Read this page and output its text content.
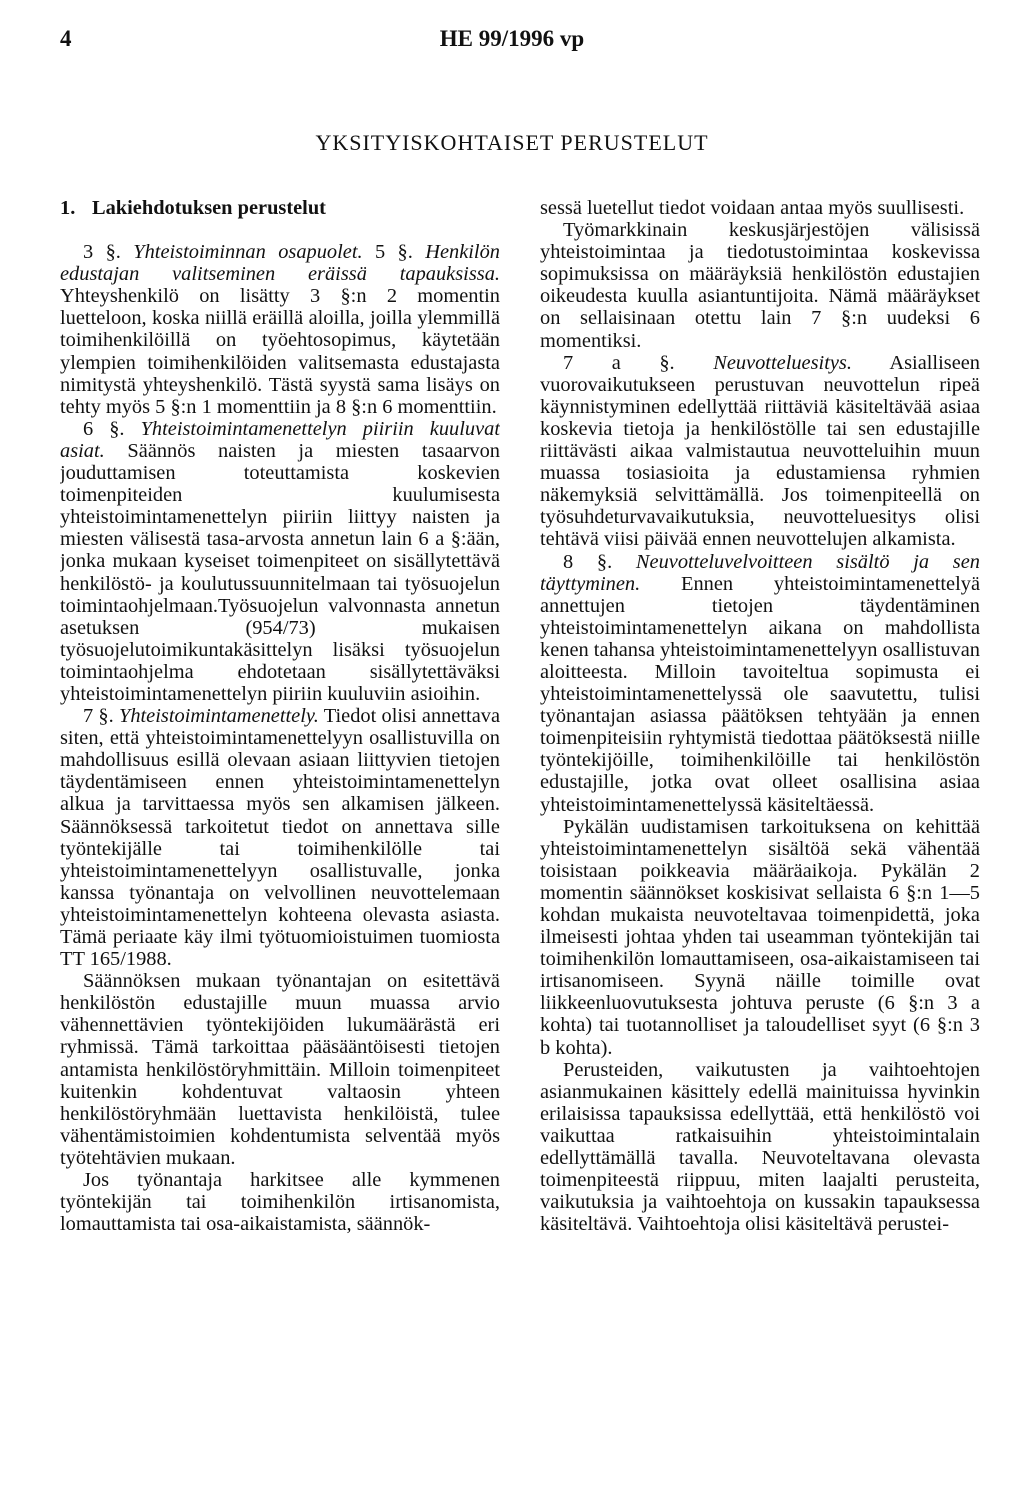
4	HE 99/1996 vp
YKSITYISKOHTAISET PERUSTELUT

1. Lakiehdotuksen perustelut

3 §. Yhteistoiminnan osapuolet. 5 §. Henkilön edustajan valitseminen eräissä tapauksissa. Yhteyshenkilö on lisätty 3 §:n 2 momentin luetteloon, koska niillä eräillä aloilla, joilla ylemmillä toimihenkilöillä on työehtosopimus, käytetään ylempien toimihenkilöiden valitsemasta edustajasta nimitystä yhteyshenkilö. Tästä syystä sama lisäys on tehty myös 5 §:n 1 momenttiin ja 8 §:n 6 momenttiin.

6 §. Yhteistoimintamenettelyn piiriin kuuluvat asiat. Säännös naisten ja miesten tasaarvon jouduttamisen toteuttamista koskevien toimenpiteiden kuulumisesta yhteistoimintamenettelyn piiriin liittyy naisten ja miesten välisestä tasa-arvosta annetun lain 6 a §:ään, jonka mukaan kyseiset toimenpiteet on sisällytettävä henkilöstö- ja koulutussuunnitelmaan tai työsuojelun toimintaohjelmaan.Työsuojelun valvonnasta annetun asetuksen (954/73) mukaisen työsuojelutoimikuntakäsittelyn lisäksi työsuojelun toimintaohjelma ehdotetaan sisällytettäväksi yhteistoimintamenettelyn piiriin kuuluviin asioihin.

7 §. Yhteistoimintamenettely. Tiedot olisi annettava siten, että yhteistoimintamenettelyyn osallistuvilla on mahdollisuus esillä olevaan asiaan liittyvien tietojen täydentämiseen ennen yhteistoimintamenettelyn alkua ja tarvittaessa myös sen alkamisen jälkeen. Säännöksessä tarkoitetut tiedot on annettava sille työntekijälle tai toimihenkilölle tai yhteistoimintamenettelyyn osallistuvalle, jonka kanssa työnantaja on velvollinen neuvottelemaan yhteistoimintamenettelyn kohteena olevasta asiasta. Tämä periaate käy ilmi työtuomioistuimen tuomiosta TT 165/1988.

Säännöksen mukaan työnantajan on esitettävä henkilöstön edustajille muun muassa arvio vähennettävien työntekijöiden lukumäärästä eri ryhmissä. Tämä tarkoittaa pääsääntöisesti tietojen antamista henkilöstöryhmittäin. Milloin toimenpiteet kuitenkin kohdentuvat valtaosin yhteen henkilöstöryhmään luettavista henkilöistä, tulee vähentämistoimien kohdentumista selventää myös työtehtävien mukaan.

Jos työnantaja harkitsee alle kymmenen työntekijän tai toimihenkilön irtisanomista, lomauttamista tai osa-aikaistamista, säännök-

sessä luetellut tiedot voidaan antaa myös suullisesti.

Työmarkkinain keskusjärjestöjen välisissä yhteistoimintaa ja tiedotustoimintaa koskevissa sopimuksissa on määräyksiä henkilöstön edustajien oikeudesta kuulla asiantuntijoita. Nämä määräykset on sellaisinaan otettu lain 7 §:n uudeksi 6 momentiksi.

7 a §. Neuvotteluesitys. Asialliseen vuorovaikutukseen perustuvan neuvottelun ripeä käynnistyminen edellyttää riittäviä käsiteltävää asiaa koskevia tietoja ja henkilöstölle tai sen edustajille riittävästi aikaa valmistautua neuvotteluihin muun muassa tosiasioita ja edustamiensa ryhmien näkemyksiä selvittämällä. Jos toimenpiteellä on työsuhdeturvavaikutuksia, neuvotteluesitys olisi tehtävä viisi päivää ennen neuvottelujen alkamista.

8 §. Neuvotteluvelvoitteen sisältö ja sen täyttyminen. Ennen yhteistoimintamenettelyä annettujen tietojen täydentäminen yhteistoimintamenettelyn aikana on mahdollista kenen tahansa yhteistoimintamenettelyyn osallistuvan aloitteesta. Milloin tavoiteltua sopimusta ei yhteistoimintamenettelyssä ole saavutettu, tulisi työnantajan asiassa päätöksen tehtyään ja ennen toimenpiteisiin ryhtymistä tiedottaa päätöksestä niille työntekijöille, toimihenkilöille tai henkilöstön edustajille, jotka ovat olleet osallisina asiaa yhteistoimintamenettelyssä käsiteltäessä.

Pykälän uudistamisen tarkoituksena on kehittää yhteistoimintamenettelyn sisältöä sekä vähentää toisistaan poikkeavia määräaikoja. Pykälän 2 momentin säännökset koskisivat sellaista 6 §:n 1—5 kohdan mukaista neuvoteltavaa toimenpidettä, joka ilmeisesti johtaa yhden tai useamman työntekijän tai toimihenkilön lomauttamiseen, osa-aikaistamiseen tai irtisanomiseen. Syynä näille toimille ovat liikkeenluovutuksesta johtuva peruste (6 §:n 3 a kohta) tai tuotannolliset ja taloudelliset syyt (6 §:n 3 b kohta).

Perusteiden, vaikutusten ja vaihtoehtojen asianmukainen käsittely edellä mainituissa hyvinkin erilaisissa tapauksissa edellyttää, että henkilöstö voi vaikuttaa ratkaisuihin yhteistoimintalain edellyttämällä tavalla. Neuvoteltavana olevasta toimenpiteestä riippuu, miten laajalti perusteita, vaikutuksia ja vaihtoehtoja on kussakin tapauksessa käsiteltävä. Vaihtoehtoja olisi käsiteltävä perustei-
